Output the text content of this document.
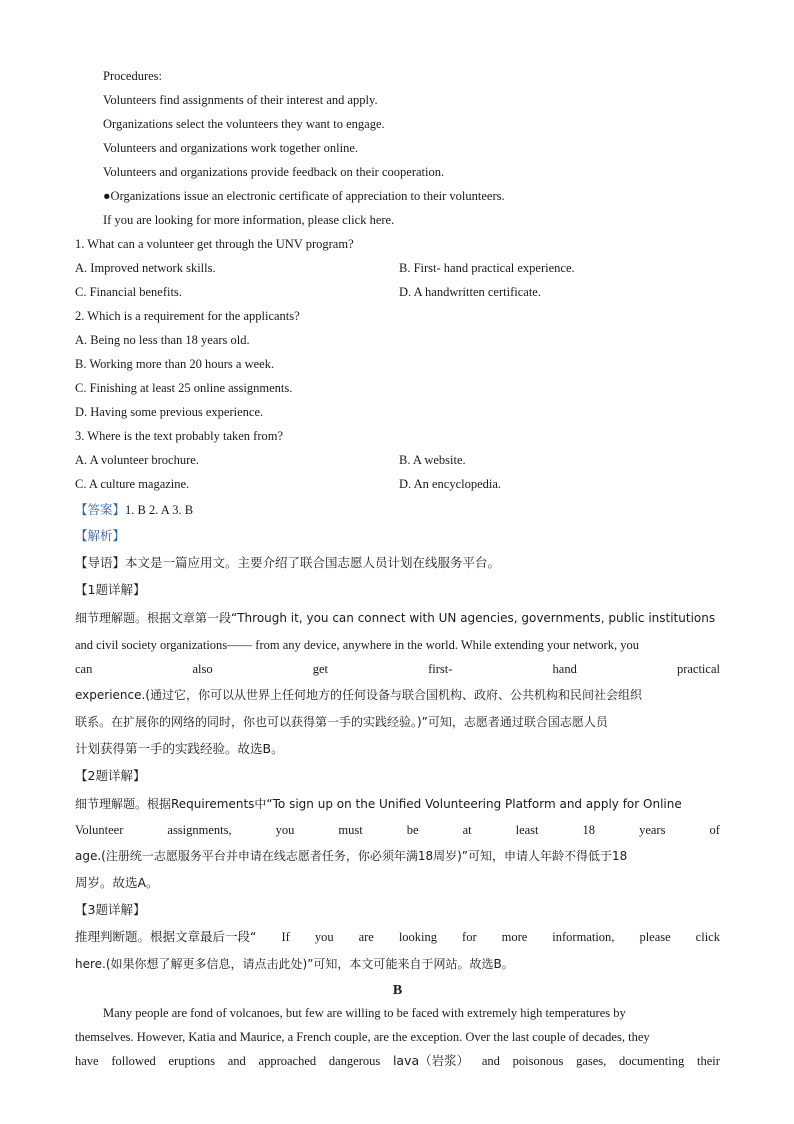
Procedures:
Volunteers find assignments of their interest and apply.
Organizations select the volunteers they want to engage.
Volunteers and organizations work together online.
Volunteers and organizations provide feedback on their cooperation.
●Organizations issue an electronic certificate of appreciation to their volunteers.
If you are looking for more information, please click here.
1. What can a volunteer get through the UNV program?
A. Improved network skills.	B. First- hand practical experience.
C. Financial benefits.	D. A handwritten certificate.
2. Which is a requirement for the applicants?
A. Being no less than 18 years old.
B. Working more than 20 hours a week.
C. Finishing at least 25 online assignments.
D. Having some previous experience.
3. Where is the text probably taken from?
A. A volunteer brochure.	B. A website.
C. A culture magazine.	D. An encyclopedia.
【答案】1. B 2. A 3. B
【解析】
【导语】本文是一篇应用文。主要介绍了联合国志愿人员计划在线服务平台。
【1题详解】
细节理解题。根据文章第一段“Through it, you can connect with UN agencies, governments, public institutions
and civil society organizations—— from any device, anywhere in the world. While extending your network, you
can	also	get	first-	hand	practical
experience.(通过它，你可以从世界上任何地方的任何设备与联合国机构、政府、公共机构和民间社会组织
联系。在扩展你的网络的同时，你也可以获得第一手的实践经验。)”可知，志愿者通过联合国志愿人员
计划获得第一手的实践经验。故选B。
【2题详解】
细节理解题。根据Requirements中“To sign up on the Unified Volunteering Platform and apply for Online
Volunteer	assignments,	you	must	be	at	least	18	years	of
age.(注册统一志愿服务平台并申请在线志愿者任务，你必须年满18周岁)”可知，申请人年龄不得低于18
周岁。故选A。
【3题详解】
推理判断题。根据文章最后一段“ If you are looking for more information, please click
here.(如果你想了解更多信息，请点击此处)”可知，本文可能来自于网站。故选B。
B
Many people are fond of volcanoes, but few are willing to be faced with extremely high temperatures by
themselves. However, Katia and Maurice, a French couple, are the exception. Over the last couple of decades, they
have followed eruptions and approached dangerous lava（岩浆） and poisonous gases, documenting their
